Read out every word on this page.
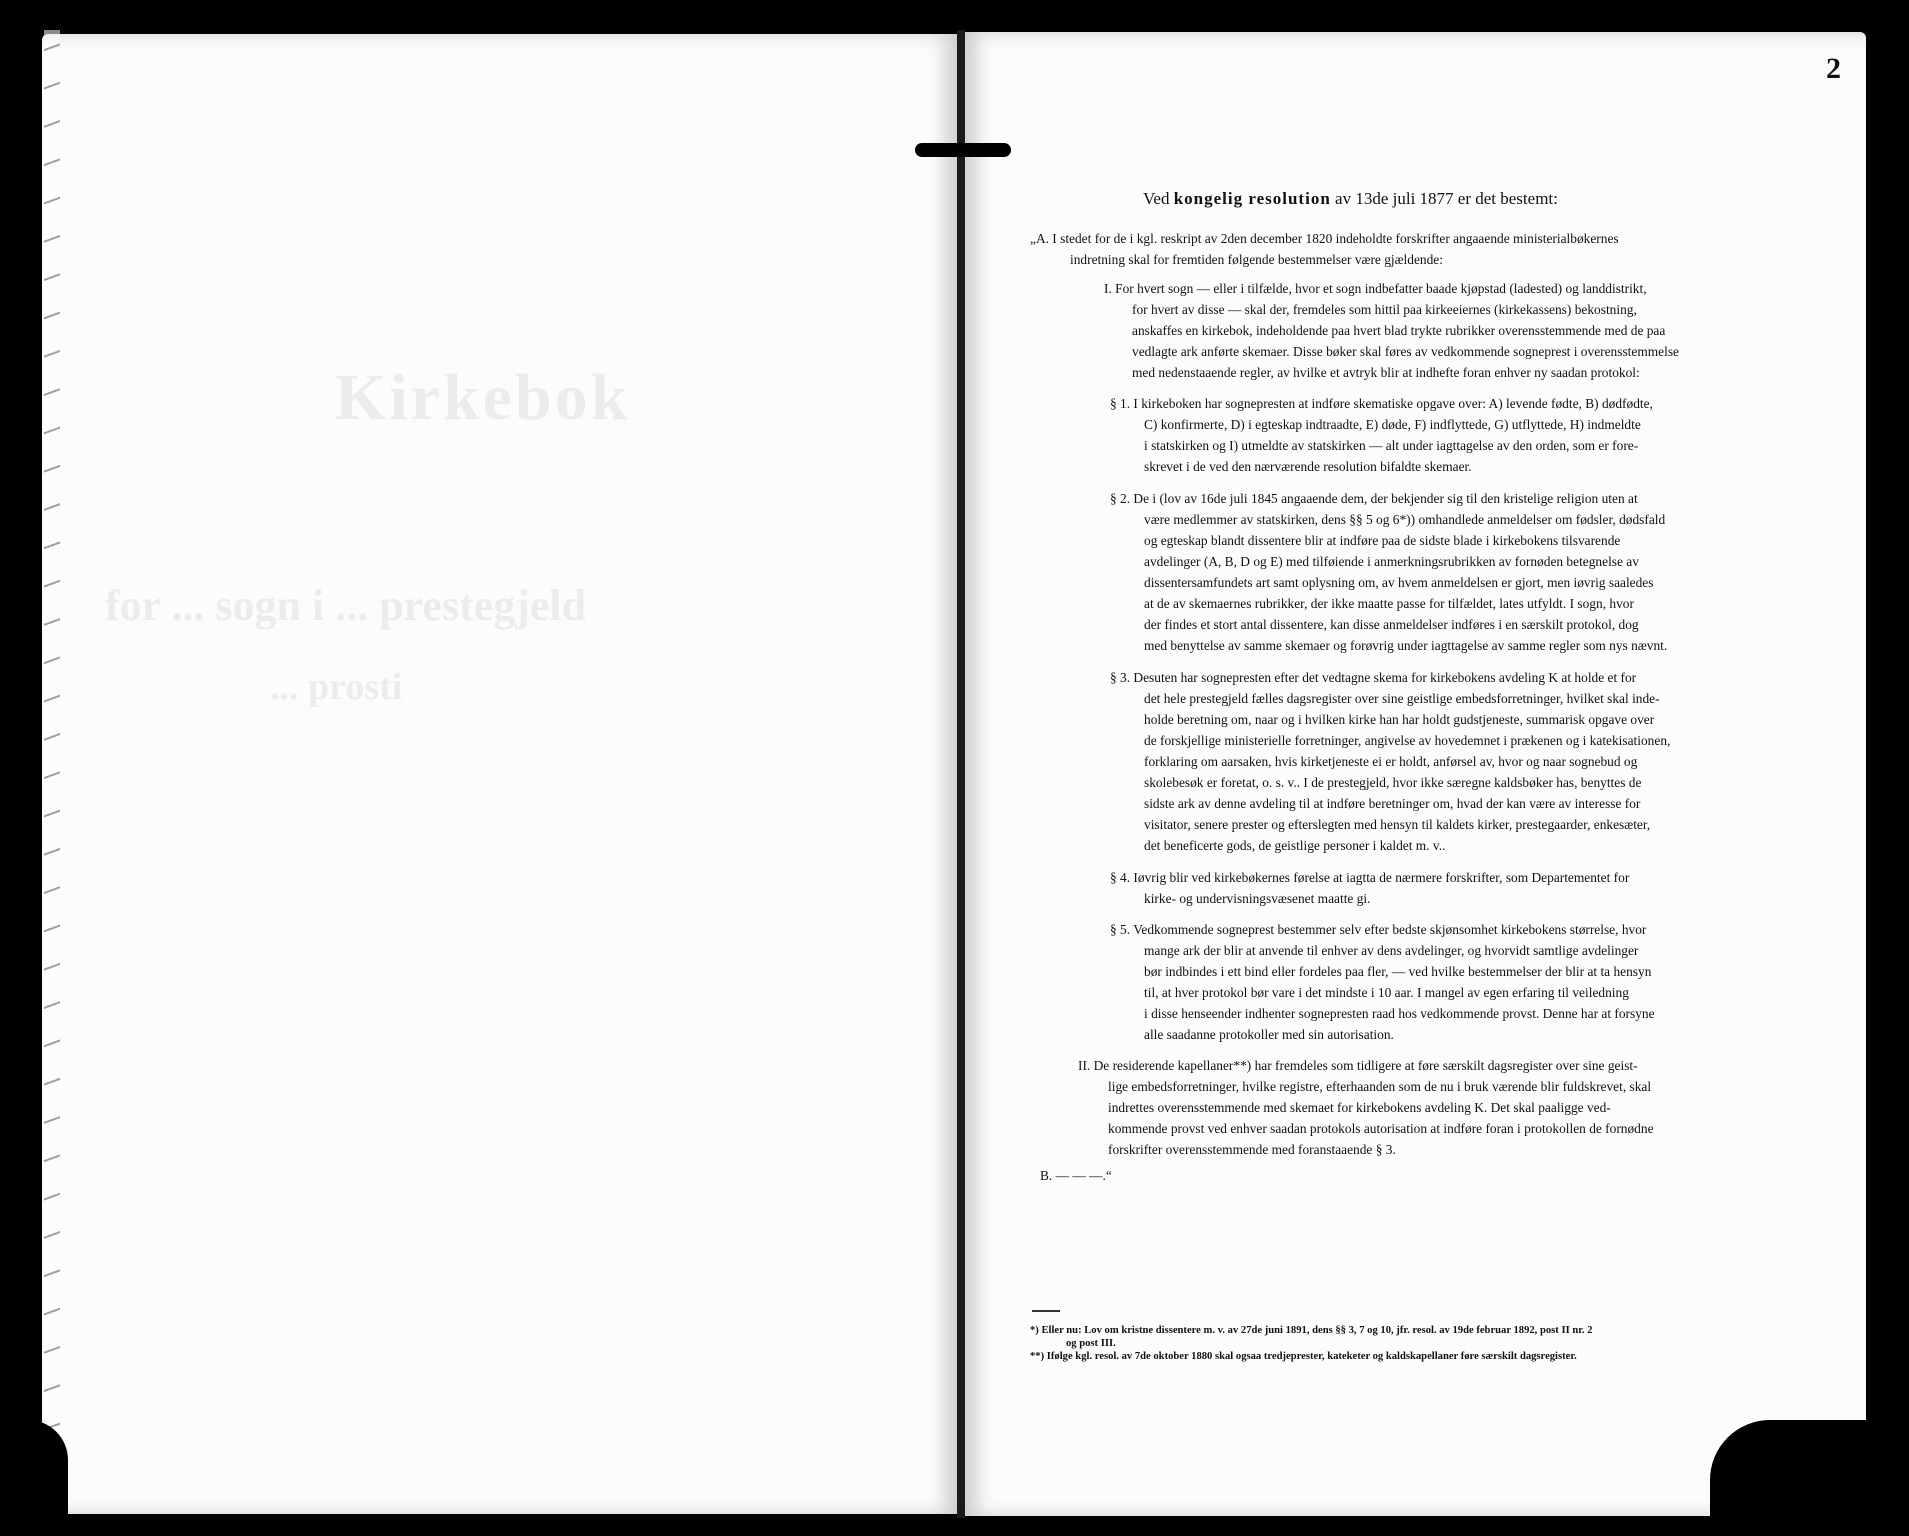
Kirkebok
for ... sogn i ... prestegjeld
... prosti
2
Ved kongelig resolution av 13de juli 1877 er det bestemt:
„A. I stedet for de i kgl. reskript av 2den december 1820 indeholdte forskrifter angaaende ministerialbøkernes
indretning skal for fremtiden følgende bestemmelser være gjældende:
I. For hvert sogn — eller i tilfælde, hvor et sogn indbefatter baade kjøpstad (ladested) og landdistrikt,
for hvert av disse — skal der, fremdeles som hittil paa kirkeeiernes (kirkekassens) bekostning,
anskaffes en kirkebok, indeholdende paa hvert blad trykte rubrikker overensstemmende med de paa
vedlagte ark anførte skemaer. Disse bøker skal føres av vedkommende sogneprest i overensstemmelse
med nedenstaaende regler, av hvilke et avtryk blir at indhefte foran enhver ny saadan protokol:
§ 1. I kirkeboken har sognepresten at indføre skematiske opgave over: A) levende fødte, B) dødfødte,
C) konfirmerte, D) i egteskap indtraadte, E) døde, F) indflyttede, G) utflyttede, H) indmeldte
i statskirken og I) utmeldte av statskirken — alt under iagttagelse av den orden, som er fore-
skrevet i de ved den nærværende resolution bifaldte skemaer.
§ 2. De i (lov av 16de juli 1845 angaaende dem, der bekjender sig til den kristelige religion uten at
være medlemmer av statskirken, dens §§ 5 og 6*)) omhandlede anmeldelser om fødsler, dødsfald
og egteskap blandt dissentere blir at indføre paa de sidste blade i kirkebokens tilsvarende
avdelinger (A, B, D og E) med tilføiende i anmerkningsrubrikken av fornøden betegnelse av
dissentersamfundets art samt oplysning om, av hvem anmeldelsen er gjort, men iøvrig saaledes
at de av skemaernes rubrikker, der ikke maatte passe for tilfældet, lates utfyldt. I sogn, hvor
der findes et stort antal dissentere, kan disse anmeldelser indføres i en særskilt protokol, dog
med benyttelse av samme skemaer og forøvrig under iagttagelse av samme regler som nys nævnt.
§ 3. Desuten har sognepresten efter det vedtagne skema for kirkebokens avdeling K at holde et for
det hele prestegjeld fælles dagsregister over sine geistlige embedsforretninger, hvilket skal inde-
holde beretning om, naar og i hvilken kirke han har holdt gudstjeneste, summarisk opgave over
de forskjellige ministerielle forretninger, angivelse av hovedemnet i prækenen og i katekisationen,
forklaring om aarsaken, hvis kirketjeneste ei er holdt, anførsel av, hvor og naar sognebud og
skolebesøk er foretat, o. s. v.. I de prestegjeld, hvor ikke særegne kaldsbøker has, benyttes de
sidste ark av denne avdeling til at indføre beretninger om, hvad der kan være av interesse for
visitator, senere prester og efterslegten med hensyn til kaldets kirker, prestegaarder, enkesæter,
det beneficerte gods, de geistlige personer i kaldet m. v..
§ 4. Iøvrig blir ved kirkebøkernes førelse at iagtta de nærmere forskrifter, som Departementet for
kirke- og undervisningsvæsenet maatte gi.
§ 5. Vedkommende sogneprest bestemmer selv efter bedste skjønsomhet kirkebokens størrelse, hvor
mange ark der blir at anvende til enhver av dens avdelinger, og hvorvidt samtlige avdelinger
bør indbindes i ett bind eller fordeles paa fler, — ved hvilke bestemmelser der blir at ta hensyn
til, at hver protokol bør vare i det mindste i 10 aar. I mangel av egen erfaring til veiledning
i disse henseender indhenter sognepresten raad hos vedkommende provst. Denne har at forsyne
alle saadanne protokoller med sin autorisation.
II. De residerende kapellaner**) har fremdeles som tidligere at føre særskilt dagsregister over sine geist-
lige embedsforretninger, hvilke registre, efterhaanden som de nu i bruk værende blir fuldskrevet, skal
indrettes overensstemmende med skemaet for kirkebokens avdeling K. Det skal paaligge ved-
kommende provst ved enhver saadan protokols autorisation at indføre foran i protokollen de fornødne
forskrifter overensstemmende med foranstaaende § 3.
B. — — —.“
*) Eller nu: Lov om kristne dissentere m. v. av 27de juni 1891, dens §§ 3, 7 og 10, jfr. resol. av 19de februar 1892, post II nr. 2
og post III.
**) Ifølge kgl. resol. av 7de oktober 1880 skal ogsaa tredjeprester, kateketer og kaldskapellaner føre særskilt dagsregister.
